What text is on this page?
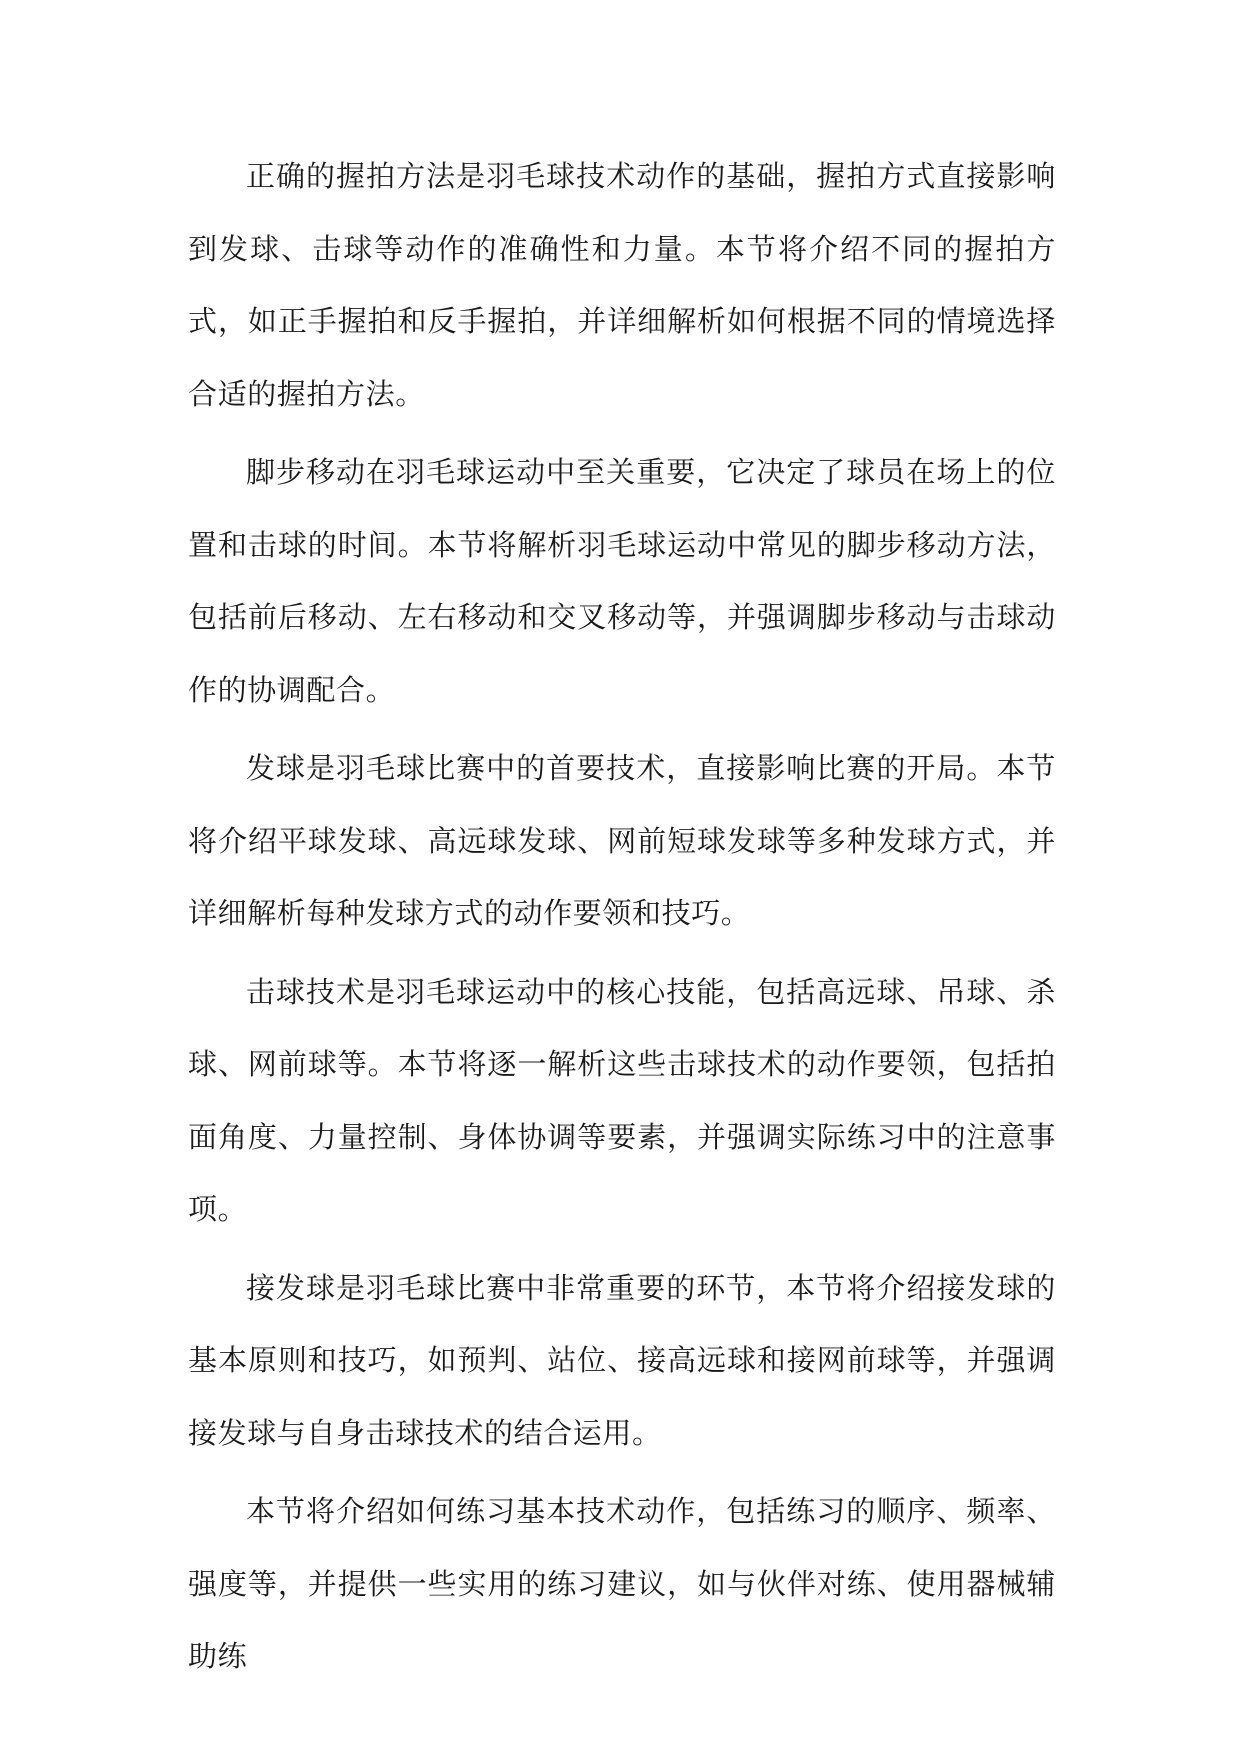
正确的握拍方法是羽毛球技术动作的基础，握拍方式直接影响到发球、击球等动作的准确性和力量。本节将介绍不同的握拍方式，如正手握拍和反手握拍，并详细解析如何根据不同的情境选择合适的握拍方法。

脚步移动在羽毛球运动中至关重要，它决定了球员在场上的位置和击球的时间。本节将解析羽毛球运动中常见的脚步移动方法，包括前后移动、左右移动和交叉移动等，并强调脚步移动与击球动作的协调配合。

发球是羽毛球比赛中的首要技术，直接影响比赛的开局。本节将介绍平球发球、高远球发球、网前短球发球等多种发球方式，并详细解析每种发球方式的动作要领和技巧。

击球技术是羽毛球运动中的核心技能，包括高远球、吊球、杀球、网前球等。本节将逐一解析这些击球技术的动作要领，包括拍面角度、力量控制、身体协调等要素，并强调实际练习中的注意事项。

接发球是羽毛球比赛中非常重要的环节，本节将介绍接发球的基本原则和技巧，如预判、站位、接高远球和接网前球等，并强调接发球与自身击球技术的结合运用。

本节将介绍如何练习基本技术动作，包括练习的顺序、频率、强度等，并提供一些实用的练习建议，如与伙伴对练、使用器械辅助练
